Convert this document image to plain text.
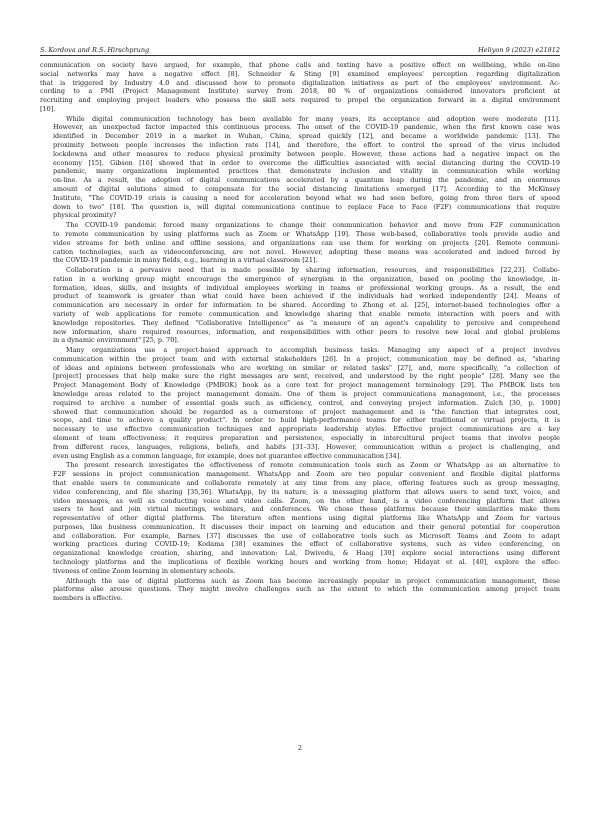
S. Kordova and R.S. Hirschprung	Heliyon 9 (2023) e21812

communication on society have argued, for example, that phone calls and texting have a positive effect on wellbeing, while on-line
social networks may have a negative effect [8]. Schneider & Sting [9] examined employees' perception regarding digitalization
that is triggered by Industry 4.0 and discussed how to promote digitalization initiatives as part of the employees' environment. Ac-
cording to a PMI (Project Management Institute) survey from 2018, 80 % of organizations considered innovators proficient at
recruiting and employing project leaders who possess the skill sets required to propel the organization forward in a digital environment
[10].

While digital communication technology has been available for many years, its acceptance and adoption were moderate [11].
However, an unexpected factor impacted this continuous process. The onset of the COVID-19 pandemic, when the first known case was
identified in December 2019 in a market in Wuhan, China, spread quickly [12], and became a worldwide pandemic [13]. The
proximity between people increases the infection rate [14], and therefore, the effort to control the spread of the virus included
lockdowns and other measures to reduce physical proximity between people. However, these actions had a negative impact on the
economy [15]. Gibson [16] showed that in order to overcome the difficulties associated with social distancing during the COVID-19
pandemic, many organizations implemented practices that demonstrate inclusion and vitality in communication while working
on-line. As a result, the adoption of digital communications accelerated by a quantum leap during the pandemic, and an enormous
amount of digital solutions aimed to compensate for the social distancing limitations emerged [17]. According to the McKinsey
Institute, "The COVID-19 crisis is causing a need for acceleration beyond what we had seen before, going from three tiers of speed
down to two" [18]. The question is, will digital communications continue to replace Face to Face (F2F) communications that require
physical proximity?

The COVID-19 pandemic forced many organizations to change their communication behavior and move from F2F communication
to remote communication by using platforms such as Zoom or WhatsApp [19]. These web-based, collaborative tools provide audio and
video streams for both online and offline sessions, and organizations can use them for working on projects [20]. Remote communi-
cation technologies, such as videoconferencing, are not novel. However, adopting these means was accelerated and indeed forced by
the COVID-19 pandemic in many fields, e.g., learning in a virtual classroom [21].

Collaboration is a pervasive need that is made possible by sharing information, resources, and responsibilities [22,23]. Collabo-
ration in a working group might encourage the emergence of synergism in the organization, based on pooling the knowledge, in-
formation, ideas, skills, and insights of individual employees working in teams or professional working groups. As a result, the end
product of teamwork is greater than what could have been achieved if the individuals had worked independently [24]. Means of
communication are necessary in order for information to be shared. According to Zhong et al. [25], internet-based technologies offer a
variety of web applications for remote communication and knowledge sharing that enable remote interaction with peers and with
knowledge repositories. They defined "Collaborative Intelligence" as "a measure of an agent's capability to perceive and comprehend
new information, share required resources, information, and responsibilities with other peers to resolve new local and global problems
in a dynamic environment" [25, p. 70].

Many organizations use a project-based approach to accomplish business tasks. Managing any aspect of a project involves
communication within the project team and with external stakeholders [26]. In a project, communication may be defined as, "sharing
of ideas and opinions between professionals who are working on similar or related tasks" [27], and, more specifically, "a collection of
[project] processes that help make sure the right messages are sent, received, and understood by the right people" [28]. Many see the
Project Management Body of Knowledge (PMBOK) book as a core text for project management terminology [29]. The PMBOK lists ten
knowledge areas related to the project management domain. One of them is project communications management, i.e., the processes
required to archive a number of essential goals such as efficiency, control, and conveying project information. Zulch [30, p. 1000]
showed that communication should be regarded as a cornerstone of project management and is "the function that integrates cost,
scope, and time to achieve a quality product". In order to build high-performance teams for either traditional or virtual projects, it is
necessary to use effective communication techniques and appropriate leadership styles. Effective project communications are a key
element of team effectiveness; it requires preparation and persistence, especially in intercultural project teams that involve people
from different races, languages, religions, beliefs, and habits [31–33]. However, communication within a project is challenging, and
even using English as a common language, for example, does not guarantee effective communication [34].

The present research investigates the effectiveness of remote communication tools such as Zoom or WhatsApp as an alternative to
F2F sessions in project communication management. WhatsApp and Zoom are two popular convenient and flexible digital platforms
that enable users to communicate and collaborate remotely at any time from any place, offering features such as group messaging,
video conferencing, and file sharing [35,36]. WhatsApp, by its nature, is a messaging platform that allows users to send text, voice, and
video messages, as well as conducting voice and video calls. Zoom, on the other hand, is a video conferencing platform that allows
users to host and join virtual meetings, webinars, and conferences. We chose these platforms because their similarities make them
representative of other digital platforms. The literature often mentions using digital platforms like WhatsApp and Zoom for various
purposes, like business communication. It discusses their impact on learning and education and their general potential for cooperation
and collaboration. For example, Barnes [37] discusses the use of collaborative tools such as Microsoft Teams and Zoom to adapt
working practices during COVID-19; Kodama [38] examines the effect of collaborative systems, such as video conferencing, on
organizational knowledge creation, sharing, and innovation; Lal, Dwivedu, & Haag [39] explore social interactions using different
technology platforms and the implications of flexible working hours and working from home; Hidayat et al. [40], explore the effec-
tiveness of online Zoom learning in elementary schools.

Although the use of digital platforms such as Zoom has become increasingly popular in project communication management, these
platforms also arouse questions. They might involve challenges such as the extent to which the communication among project team
members is effective.

2
